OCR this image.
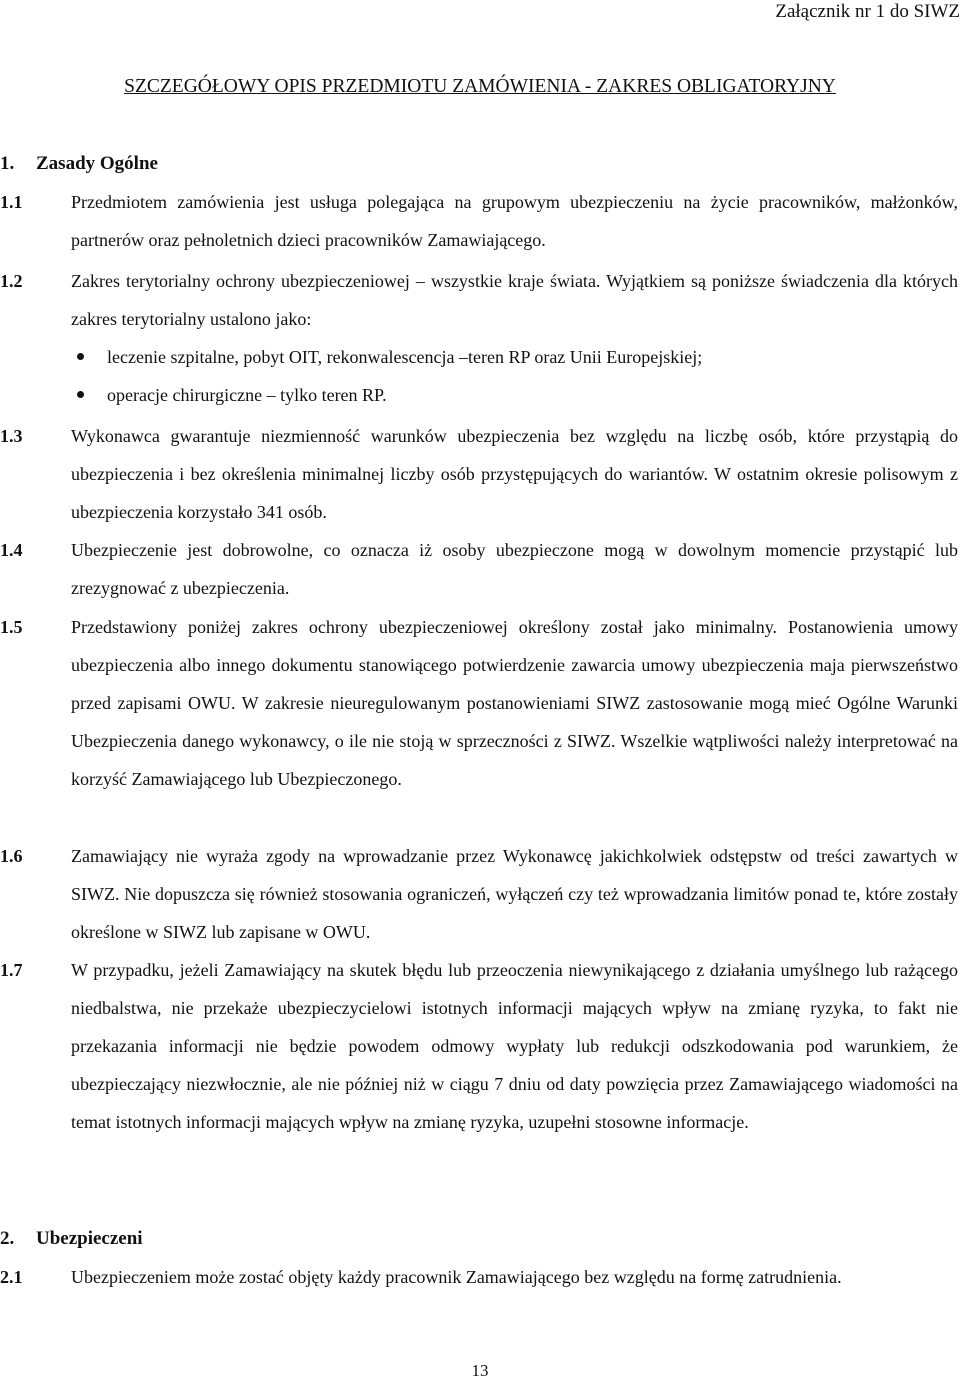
Załącznik nr 1 do SIWZ
SZCZEGÓŁOWY OPIS PRZEDMIOTU ZAMÓWIENIA - ZAKRES OBLIGATORYJNY
1. Zasady Ogólne
1.1	Przedmiotem zamówienia jest usługa polegająca na grupowym ubezpieczeniu na życie pracowników, małżonków, partnerów oraz pełnoletnich dzieci pracowników Zamawiającego.
1.2	Zakres terytorialny ochrony ubezpieczeniowej – wszystkie kraje świata. Wyjątkiem są poniższe świadczenia dla których zakres terytorialny ustalono jako:
leczenie szpitalne, pobyt OIT, rekonwalescencja –teren RP oraz Unii Europejskiej;
operacje chirurgiczne – tylko teren RP.
1.3	Wykonawca gwarantuje niezmienność warunków ubezpieczenia bez względu na liczbę osób, które przystąpią do ubezpieczenia i bez określenia minimalnej liczby osób przystępujących do wariantów. W ostatnim okresie polisowym z ubezpieczenia korzystało 341 osób.
1.4	Ubezpieczenie jest dobrowolne, co oznacza iż osoby ubezpieczone mogą w dowolnym momencie przystąpić lub zrezygnować z ubezpieczenia.
1.5	Przedstawiony poniżej zakres ochrony ubezpieczeniowej określony został jako minimalny. Postanowienia umowy ubezpieczenia albo innego dokumentu stanowiącego potwierdzenie zawarcia umowy ubezpieczenia maja pierwszeństwo przed zapisami OWU. W zakresie nieuregulowanym postanowieniami SIWZ zastosowanie mogą mieć Ogólne Warunki Ubezpieczenia danego wykonawcy, o ile nie stoją w sprzeczności z SIWZ. Wszelkie wątpliwości należy interpretować na korzyść Zamawiającego lub Ubezpieczonego.
1.6	Zamawiający nie wyraża zgody na wprowadzanie przez Wykonawcę jakichkolwiek odstępstw od treści zawartych w SIWZ. Nie dopuszcza się również stosowania ograniczeń, wyłączeń czy też wprowadzania limitów ponad te, które zostały określone w SIWZ lub zapisane w OWU.
1.7	W przypadku, jeżeli Zamawiający na skutek błędu lub przeoczenia niewynikającego z działania umyślnego lub rażącego niedbalstwa, nie przekaże ubezpieczycielowi istotnych informacji mających wpływ na zmianę ryzyka, to fakt nie przekazania informacji nie będzie powodem odmowy wypłaty lub redukcji odszkodowania pod warunkiem, że ubezpieczający niezwłocznie, ale nie później niż w ciągu 7 dniu od daty powzięcia przez Zamawiającego wiadomości na temat istotnych informacji mających wpływ na zmianę ryzyka, uzupełni stosowne informacje.
2. Ubezpieczeni
2.1	Ubezpieczeniem może zostać objęty każdy pracownik Zamawiającego bez względu na formę zatrudnienia.
13
